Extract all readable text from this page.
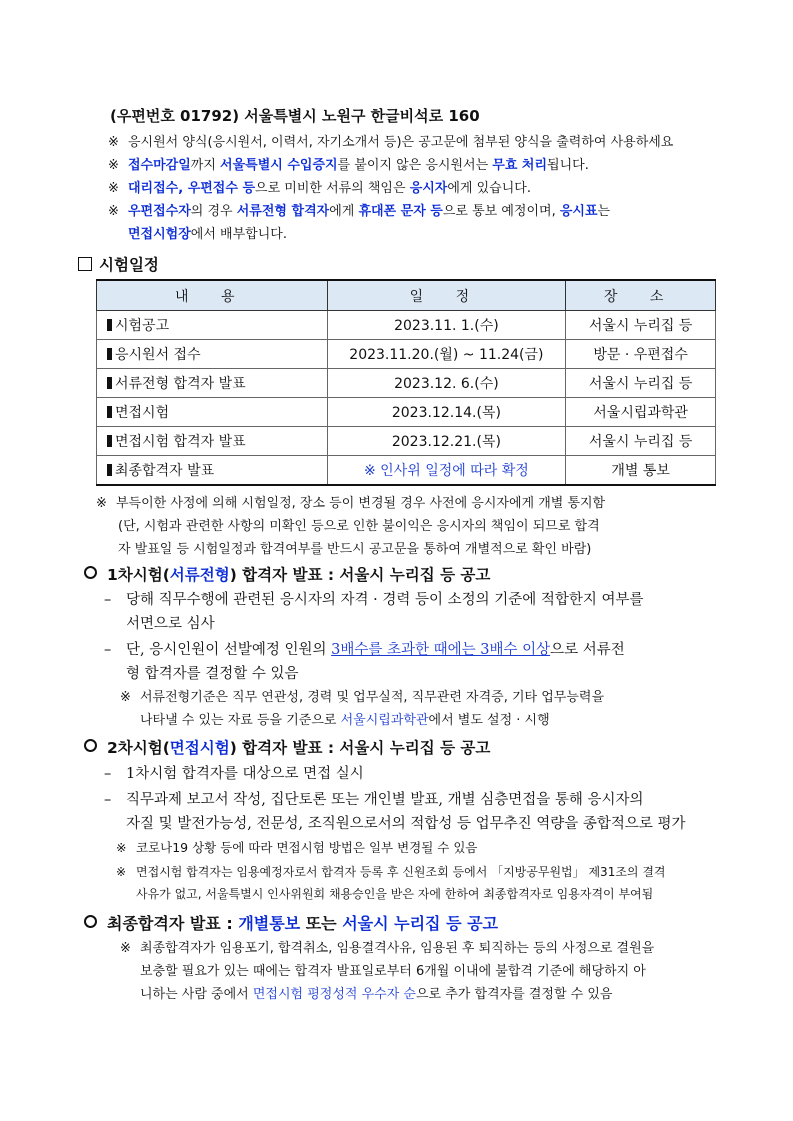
(우편번호 01792) 서울특별시 노원구 한글비석로 160
※ 응시원서 양식(응시원서, 이력서, 자기소개서 등)은 공고문에 첨부된 양식을 출력하여 사용하세요
※ 접수마감일까지 서울특별시 수입증지를 붙이지 않은 응시원서는 무효 처리됩니다.
※ 대리접수, 우편접수 등으로 미비한 서류의 책임은 응시자에게 있습니다.
※ 우편접수자의 경우 서류전형 합격자에게 휴대폰 문자 등으로 통보 예정이며, 응시표는
면접시험장에서 배부합니다.
시험일정
내 용	일 정	장 소
시험공고	2023.11. 1.(수)	서울시 누리집 등
응시원서 접수	2023.11.20.(월) ~ 11.24(금)	방문 · 우편접수
서류전형 합격자 발표	2023.12. 6.(수)	서울시 누리집 등
면접시험	2023.12.14.(목)	서울시립과학관
면접시험 합격자 발표	2023.12.21.(목)	서울시 누리집 등
최종합격자 발표	※ 인사위 일정에 따라 확정	개별 통보
※ 부득이한 사정에 의해 시험일정, 장소 등이 변경될 경우 사전에 응시자에게 개별 통지함
(단, 시험과 관련한 사항의 미확인 등으로 인한 불이익은 응시자의 책임이 되므로 합격
자 발표일 등 시험일정과 합격여부를 반드시 공고문을 통하여 개별적으로 확인 바람)
1차시험(서류전형) 합격자 발표 : 서울시 누리집 등 공고
– 당해 직무수행에 관련된 응시자의 자격 · 경력 등이 소정의 기준에 적합한지 여부를
서면으로 심사
– 단, 응시인원이 선발예정 인원의 3배수를 초과한 때에는 3배수 이상으로 서류전
형 합격자를 결정할 수 있음
※ 서류전형기준은 직무 연관성, 경력 및 업무실적, 직무관련 자격증, 기타 업무능력을
나타낼 수 있는 자료 등을 기준으로 서울시립과학관에서 별도 설정 · 시행
2차시험(면접시험) 합격자 발표 : 서울시 누리집 등 공고
– 1차시험 합격자를 대상으로 면접 실시
– 직무과제 보고서 작성, 집단토론 또는 개인별 발표, 개별 심층면접을 통해 응시자의
자질 및 발전가능성, 전문성, 조직원으로서의 적합성 등 업무추진 역량을 종합적으로 평가
※ 코로나19 상황 등에 따라 면접시험 방법은 일부 변경될 수 있음
※ 면접시험 합격자는 임용예정자로서 합격자 등록 후 신원조회 등에서 「지방공무원법」 제31조의 결격
사유가 없고, 서울특별시 인사위원회 채용승인을 받은 자에 한하여 최종합격자로 임용자격이 부여됨
최종합격자 발표 : 개별통보 또는 서울시 누리집 등 공고
※ 최종합격자가 임용포기, 합격취소, 임용결격사유, 임용된 후 퇴직하는 등의 사정으로 결원을
보충할 필요가 있는 때에는 합격자 발표일로부터 6개월 이내에 불합격 기준에 해당하지 아
니하는 사람 중에서 면접시험 평정성적 우수자 순으로 추가 합격자를 결정할 수 있음
